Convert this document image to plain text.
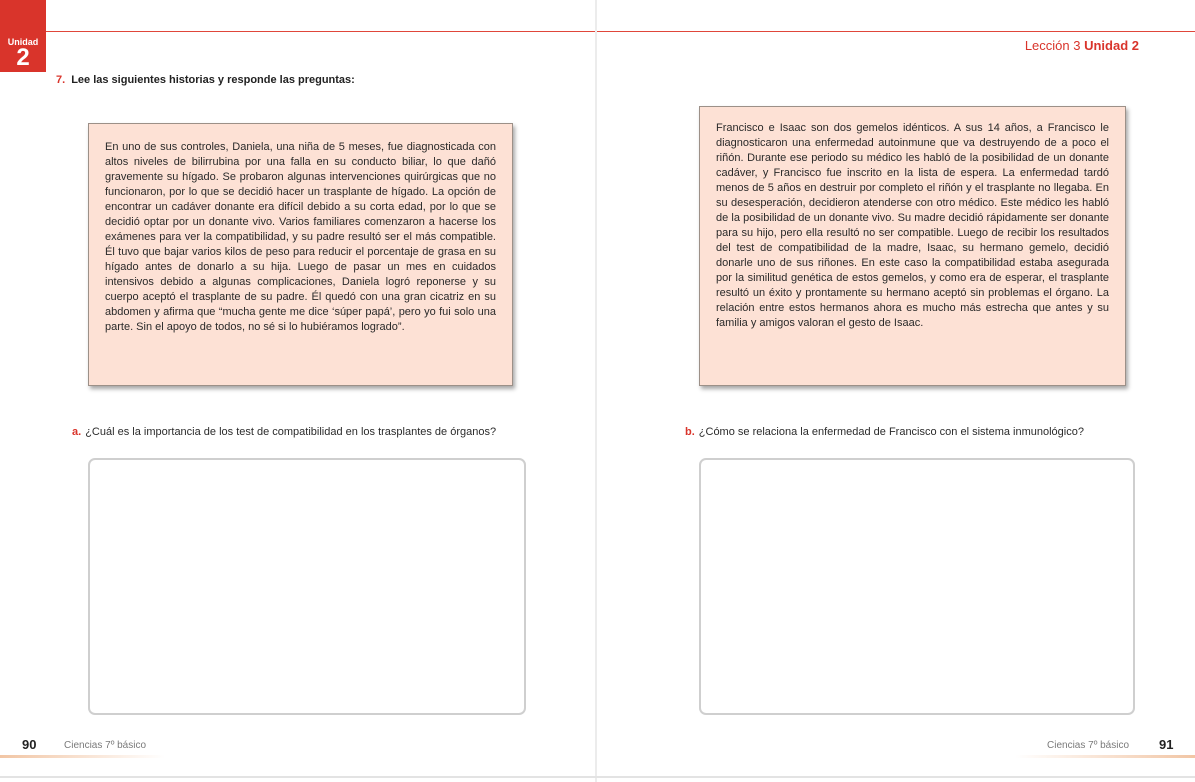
Unidad
2
7. Lee las siguientes historias y responde las preguntas:
En uno de sus controles, Daniela, una niña de 5 meses, fue diagnosticada con altos niveles de bilirrubina por una falla en su conducto biliar, lo que dañó gravemente su hígado. Se probaron algunas intervenciones quirúrgicas que no funcionaron, por lo que se decidió hacer un trasplante de hígado. La opción de encontrar un cadáver donante era difícil debido a su corta edad, por lo que se decidió optar por un donante vivo. Varios familiares comenzaron a hacerse los exámenes para ver la compatibilidad, y su padre resultó ser el más compatible. Él tuvo que bajar varios kilos de peso para reducir el porcentaje de grasa en su hígado antes de donarlo a su hija. Luego de pasar un mes en cuidados intensivos debido a algunas complicaciones, Daniela logró reponerse y su cuerpo aceptó el trasplante de su padre. Él quedó con una gran cicatriz en su abdomen y afirma que “mucha gente me dice ‘súper papá’, pero yo fui solo una parte. Sin el apoyo de todos, no sé si lo hubiéramos logrado”.
a. ¿Cuál es la importancia de los test de compatibilidad en los trasplantes de órganos?
90	Ciencias 7º básico
Lección 3 Unidad 2
Francisco e Isaac son dos gemelos idénticos. A sus 14 años, a Francisco le diagnosticaron una enfermedad autoinmune que va destruyendo de a poco el riñón. Durante ese periodo su médico les habló de la posibilidad de un donante cadáver, y Francisco fue inscrito en la lista de espera. La enfermedad tardó menos de 5 años en destruir por completo el riñón y el trasplante no llegaba. En su desesperación, decidieron atenderse con otro médico. Este médico les habló de la posibilidad de un donante vivo. Su madre decidió rápidamente ser donante para su hijo, pero ella resultó no ser compatible. Luego de recibir los resultados del test de compatibilidad de la madre, Isaac, su hermano gemelo, decidió donarle uno de sus riñones. En este caso la compatibilidad estaba asegurada por la similitud genética de estos gemelos, y como era de esperar, el trasplante resultó un éxito y prontamente su hermano aceptó sin problemas el órgano. La relación entre estos hermanos ahora es mucho más estrecha que antes y su familia y amigos valoran el gesto de Isaac.
b. ¿Cómo se relaciona la enfermedad de Francisco con el sistema inmunológico?
Ciencias 7º básico 91
